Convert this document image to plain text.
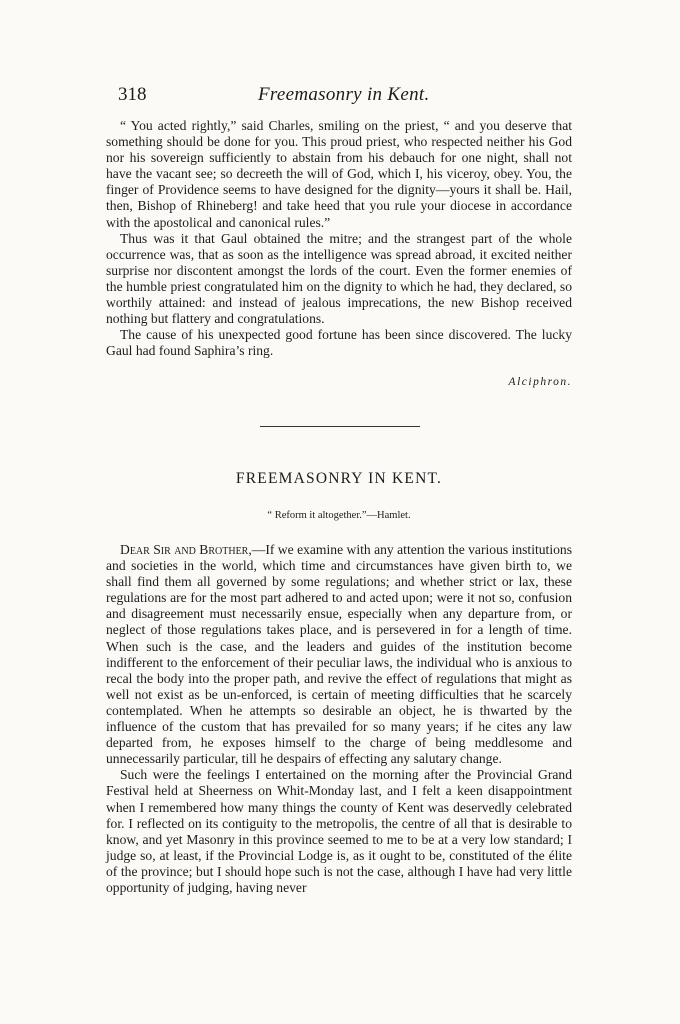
318	Freemasonry in Kent.

“ You acted rightly,” said Charles, smiling on the priest, “ and you deserve that something should be done for you. This proud priest, who respected neither his God nor his sovereign sufficiently to abstain from his debauch for one night, shall not have the vacant see; so decreeth the will of God, which I, his viceroy, obey. You, the finger of Providence seems to have designed for the dignity—yours it shall be. Hail, then, Bishop of Rhineberg! and take heed that you rule your diocese in accordance with the apostolical and canonical rules.”

Thus was it that Gaul obtained the mitre; and the strangest part of the whole occurrence was, that as soon as the intelligence was spread abroad, it excited neither surprise nor discontent amongst the lords of the court. Even the former enemies of the humble priest congratulated him on the dignity to which he had, they declared, so worthily attained: and instead of jealous imprecations, the new Bishop received nothing but flattery and congratulations.

The cause of his unexpected good fortune has been since discovered. The lucky Gaul had found Saphira’s ring.

Alciphron.
FREEMASONRY IN KENT.
“ Reform it altogether.”—Hamlet.

Dear Sir and Brother,—If we examine with any attention the various institutions and societies in the world, which time and circumstances have given birth to, we shall find them all governed by some regulations; and whether strict or lax, these regulations are for the most part adhered to and acted upon; were it not so, confusion and disagreement must necessarily ensue, especially when any departure from, or neglect of those regulations takes place, and is persevered in for a length of time. When such is the case, and the leaders and guides of the institution become indifferent to the enforcement of their peculiar laws, the individual who is anxious to recal the body into the proper path, and revive the effect of regulations that might as well not exist as be un-enforced, is certain of meeting difficulties that he scarcely contemplated. When he attempts so desirable an object, he is thwarted by the influence of the custom that has prevailed for so many years; if he cites any law departed from, he exposes himself to the charge of being meddlesome and unnecessarily particular, till he despairs of effecting any salutary change.

Such were the feelings I entertained on the morning after the Provincial Grand Festival held at Sheerness on Whit-Monday last, and I felt a keen disappointment when I remembered how many things the county of Kent was deservedly celebrated for. I reflected on its contiguity to the metropolis, the centre of all that is desirable to know, and yet Masonry in this province seemed to me to be at a very low standard; I judge so, at least, if the Provincial Lodge is, as it ought to be, constituted of the élite of the province; but I should hope such is not the case, although I have had very little opportunity of judging, having never
